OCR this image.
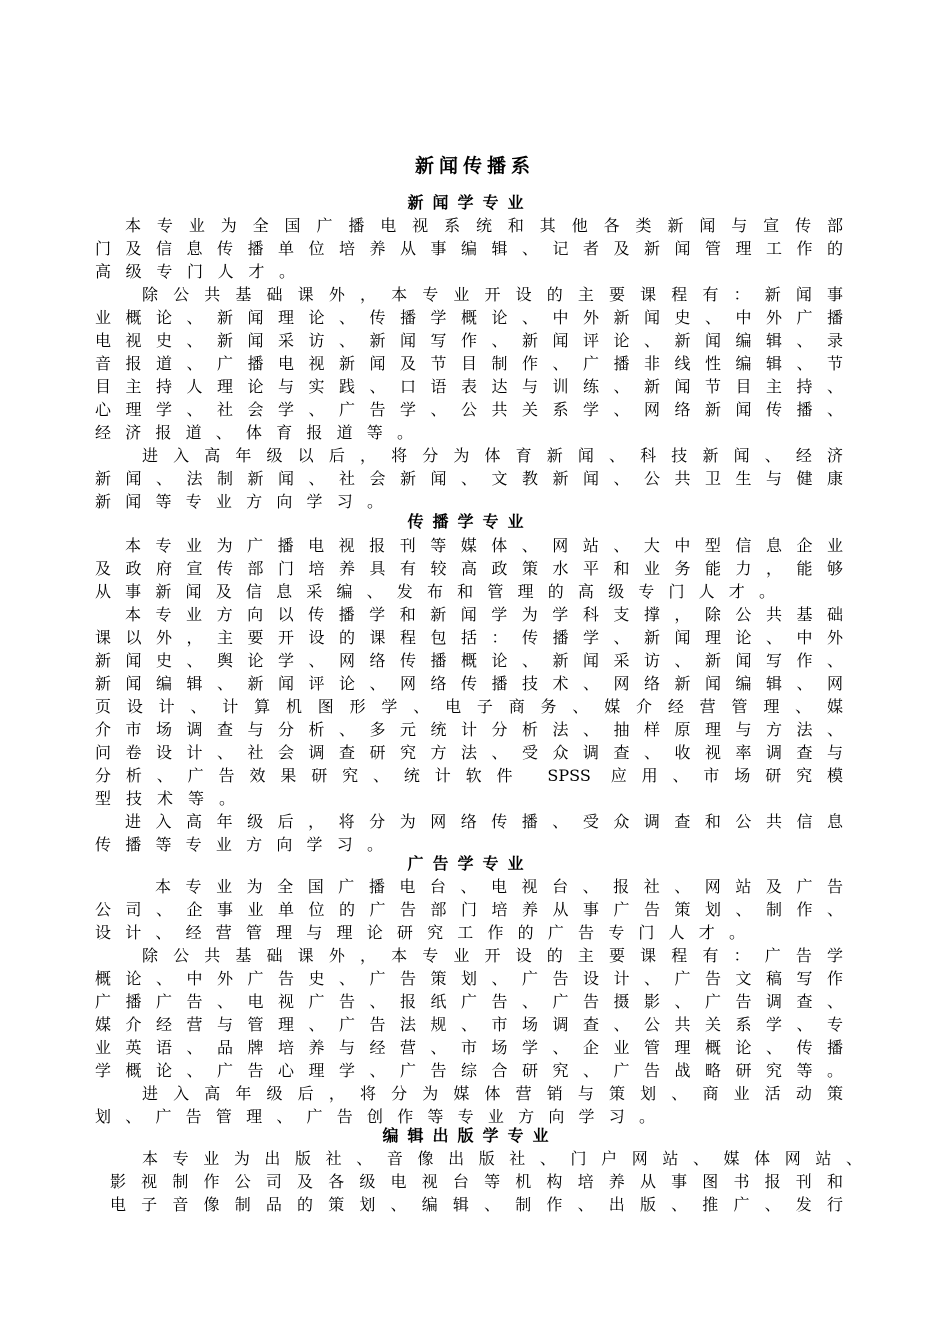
新闻传播系
新闻学专业
本专业为全国广播电视系统和其他各类新闻与宣传部
门及信息传播单位培养从事编辑、记者及新闻管理工作的
高级专门人才。
除公共基础课外，本专业开设的主要课程有：新闻事
业概论、新闻理论、传播学概论、中外新闻史、中外广播
电视史、新闻采访、新闻写作、新闻评论、新闻编辑、录
音报道、广播电视新闻及节目制作、广播非线性编辑、节
目主持人理论与实践、口语表达与训练、新闻节目主持、
心理学、社会学、广告学、公共关系学、网络新闻传播、
经济报道、体育报道等。
进入高年级以后，将分为体育新闻、科技新闻、经济
新闻、法制新闻、社会新闻、文教新闻、公共卫生与健康
新闻等专业方向学习。
传播学专业
本专业为广播电视报刊等媒体、网站、大中型信息企业
及政府宣传部门培养具有较高政策水平和业务能力，能够
从事新闻及信息采编、发布和管理的高级专门人才。
本专业方向以传播学和新闻学为学科支撑，除公共基础
课以外，主要开设的课程包括：传播学、新闻理论、中外
新闻史、舆论学、网络传播概论、新闻采访、新闻写作、
新闻编辑、新闻评论、网络传播技术、网络新闻编辑、网
页设计、计算机图形学、电子商务、媒介经营管理、媒
介市场调查与分析、多元统计分析法、抽样原理与方法、
问卷设计、社会调查研究方法、受众调查、收视率调查与
分析、广告效果研究、统计软件 SPSS 应用、市场研究模
型技术等。
进入高年级后，将分为网络传播、受众调查和公共信息
传播等专业方向学习。
广告学专业
本专业为全国广播电台、电视台、报社、网站及广告
公司、企事业单位的广告部门培养从事广告策划、制作、
设计、经营管理与理论研究工作的广告专门人才。
除公共基础课外，本专业开设的主要课程有：广告学
概论、中外广告史、广告策划、广告设计、广告文稿写作
广播广告、电视广告、报纸广告、广告摄影、广告调查、
媒介经营与管理、广告法规、市场调查、公共关系学、专
业英语、品牌培养与经营、市场学、企业管理概论、传播
学概论、广告心理学、广告综合研究、广告战略研究等。
进入高年级后，将分为媒体营销与策划、商业活动策
划、广告管理、广告创作等专业方向学习。
编辑出版学专业
本专业为出版社、音像出版社、门户网站、媒体网站、
影视制作公司及各级电视台等机构培养从事图书报刊和
电子音像制品的策划、编辑、制作、出版、推广、发行
